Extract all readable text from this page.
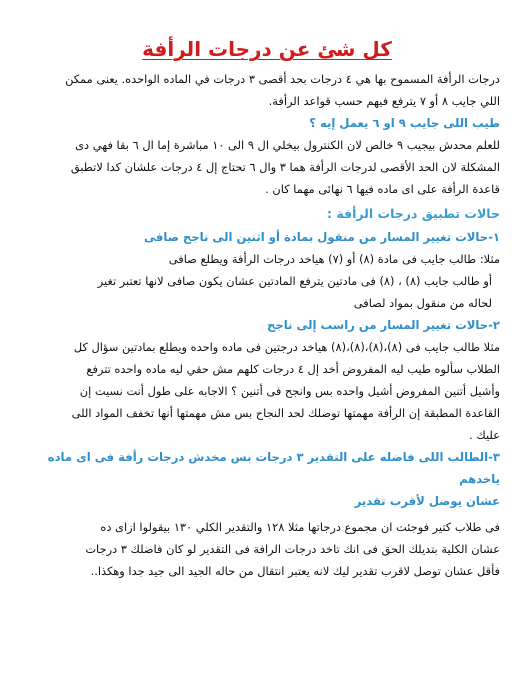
كل شئ عن درجات الرأفة

درجات الرأفة المسموح بها هي ٤ درجات بحد أقصى ٣ درجات في الماده الواحده. يعنى ممكن

اللي جايب ٨ أو ٧ يترفع فيهم حسب قواعد الرأفة.

طيب اللى جايب ٩ او ٦ يعمل إيه ؟

للعلم محدش بيجيب ٩ خالص لان الكنترول بيخلي ال ٩ الى ١٠ مباشرة إما ال ٦ بقا فهي دى

المشكلة لان الحد الأقصى لدرجات الرأفة هما ٣ وال ٦ تحتاج إل ٤ درجات علشان كدا لاتطبق

قاعدة الرأفة على اى ماده فيها ٦ نهائى مهما كان .

حالات تطبيق درجات الرأفة :
١-حالات تغيير المسار من منقول بمادة أو اثنين الى ناجح صافى

مثلا: طالب جايب فى مادة (٨) أو (٧) هياخد درجات الرأفة ويطلع صافى

أو طالب جايب (٨) ، (٨) فى مادتين يترفع المادتين عشان يكون صافى لانها تعتبر تغير

لحاله من منقول بمواد لصافى

٢-حالات تغيير المسار من راسب إلى ناجح

مثلا طالب جايب فى (٨)،(٨)،(٨)،(٨) هياخد درجتين فى ماده واحده ويطلع بمادتين سؤال كل

الطلاب سألوه طيب ليه المفروض أخد إل ٤ درجات كلهم مش حقي ليه ماده واحده تترفع

وأشيل أتنين المفروض أشيل واحده بس وانجح فى أتنين ؟ الاجابه على طول أنت نسيت إن

القاعدة المطبقة إن الرأفة مهمتها توصلك لحد النجاح بس مش مهمتها أنها تخفف المواد اللى

عليك .

٣-الطالب اللى فاضله على التقدير ٣ درجات بس مخدش درجات رأفة فى اى ماده ياخدهم
عشان يوصل لأقرب تقدير

فى طلاب كتير فوجئت ان مجموع درجاتها مثلا ١٢٨ والتقدير الكلي ١٣٠ بيقولوا ازاى ده

عشان الكلية بتديلك الحق فى انك تاخد درجات الرافة فى التقدير لو كان فاضلك ٣ درجات

فأقل عشان توصل لاقرب تقدير ليك لانه يعتبر انتقال من حاله الجيد الى جيد جدا وهكذا..
